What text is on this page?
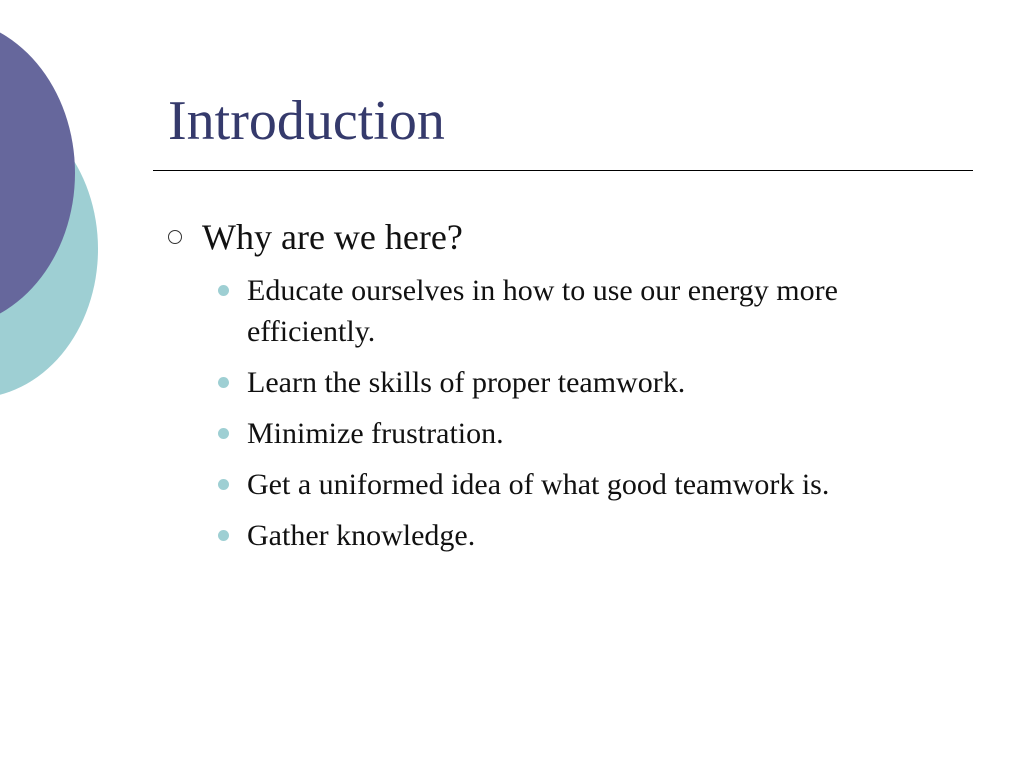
Introduction
Why are we here?
Educate ourselves in how to use our energy more efficiently.
Learn the skills of proper teamwork.
Minimize frustration.
Get a uniformed idea of what good teamwork is.
Gather knowledge.
